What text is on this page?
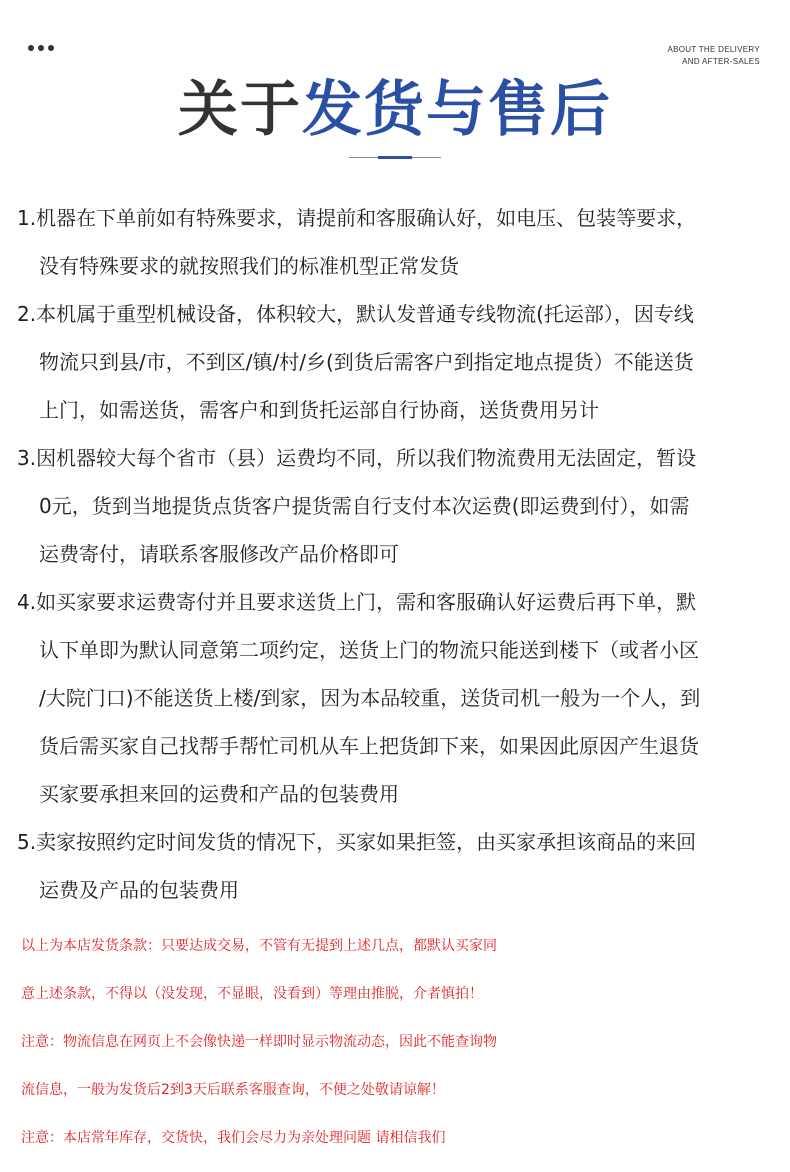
ABOUT THE DELIVERY
AND AFTER-SALES
关于发货与售后
1.机器在下单前如有特殊要求，请提前和客服确认好，如电压、包装等要求，
没有特殊要求的就按照我们的标准机型正常发货
2.本机属于重型机械设备，体积较大，默认发普通专线物流(托运部），因专线
物流只到县/市，不到区/镇/村/乡(到货后需客户到指定地点提货）不能送货
上门，如需送货，需客户和到货托运部自行协商，送货费用另计
3.因机器较大每个省市（县）运费均不同，所以我们物流费用无法固定，暂设
0元，货到当地提货点货客户提货需自行支付本次运费(即运费到付），如需
运费寄付，请联系客服修改产品价格即可
4.如买家要求运费寄付并且要求送货上门，需和客服确认好运费后再下单，默
认下单即为默认同意第二项约定，送货上门的物流只能送到楼下（或者小区
/大院门口)不能送货上楼/到家，因为本品较重，送货司机一般为一个人，到
货后需买家自己找帮手帮忙司机从车上把货卸下来，如果因此原因产生退货
买家要承担来回的运费和产品的包装费用
5.卖家按照约定时间发货的情况下，买家如果拒签，由买家承担该商品的来回
运费及产品的包装费用
以上为本店发货条款：只要达成交易，不管有无提到上述几点，都默认买家同
意上述条款，不得以（没发现，不显眼，没看到）等理由推脱，介者慎拍！
注意：物流信息在网页上不会像快递一样即时显示物流动态，因此不能查询物
流信息，一般为发货后2到3天后联系客服查询，不便之处敬请谅解！
注意：本店常年库存，交货快，我们会尽力为亲处理问题 请相信我们
